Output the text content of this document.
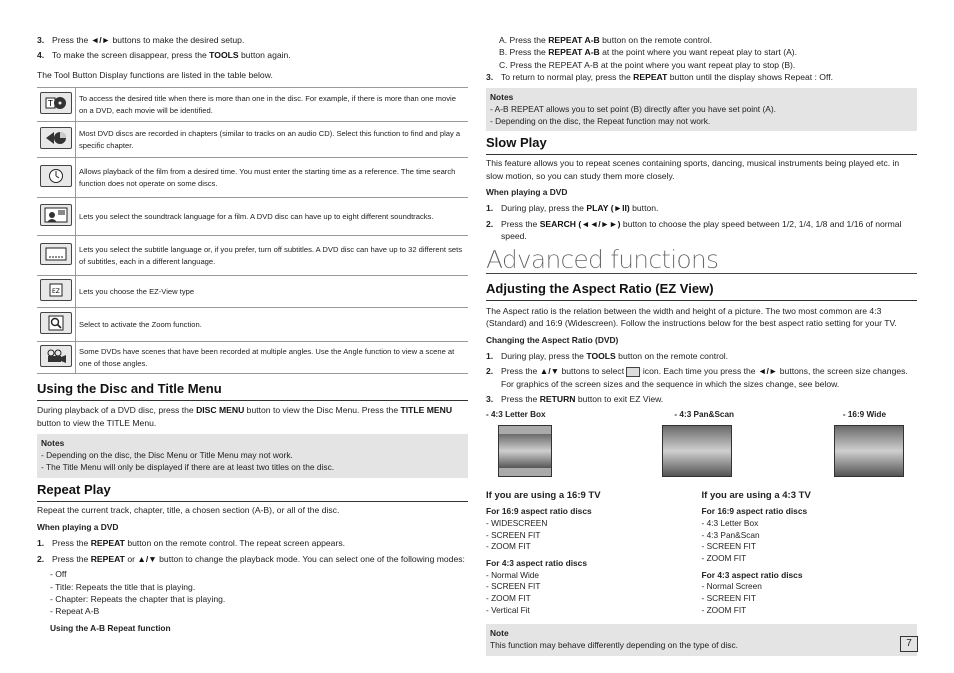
3. Press the ◄/► buttons to make the desired setup.
4. To make the screen disappear, press the TOOLS button again.

The Tool Button Display functions are listed in the table below.

T	To access the desired title when there is more than one in the disc. For example, if there is more than one movie on a DVD, each movie will be identified.

	Most DVD discs are recorded in chapters (similar to tracks on an audio CD). Select this function to find and play a specific chapter.

	Allows playback of the film from a desired time. You must enter the starting time as a reference. The time search function does not operate on some discs.

	Lets you select the soundtrack language for a film. A DVD disc can have up to eight different soundtracks.

	Lets you select the subtitle language or, if you prefer, turn off subtitles. A DVD disc can have up to 32 different sets of subtitles, each in a different language.

EZ	Lets you choose the EZ-View type

	Select to activate the Zoom function.

	Some DVDs have scenes that have been recorded at multiple angles. Use the Angle function to view a scene at one of those angles.
Using the Disc and Title Menu

During playback of a DVD disc, press the DISC MENU button to view the Disc Menu. Press the TITLE MENU button to view the TITLE Menu.

Notes
- Depending on the disc, the Disc Menu or Title Menu may not work.
- The Title Menu will only be displayed if there are at least two titles on the disc.
Repeat Play

Repeat the current track, chapter, title, a chosen section (A-B), or all of the disc.

When playing a DVD

1. Press the REPEAT button on the remote control. The repeat screen appears.
2. Press the REPEAT or ▲/▼ button to change the playback mode. You can select one of the following modes:
- Off
- Title: Repeats the title that is playing.
- Chapter: Repeats the chapter that is playing.
- Repeat A-B

Using the A-B Repeat function

A. Press the REPEAT A-B button on the remote control.
B. Press the REPEAT A-B at the point where you want repeat play to start (A).
C. Press the REPEAT A-B at the point where you want repeat play to stop (B).
3. To return to normal play, press the REPEAT button until the display shows Repeat : Off.
Notes
- A-B REPEAT allows you to set point (B) directly after you have set point (A).
- Depending on the disc, the Repeat function may not work.
Slow Play

This feature allows you to repeat scenes containing sports, dancing, musical instruments being played etc. in slow motion, so you can study them more closely.

When playing a DVD

1. During play, press the PLAY (►II) button.
2. Press the SEARCH (◄◄/►►) button to choose the play speed between 1/2, 1/4, 1/8 and 1/16 of normal speed.
Advanced functions
Adjusting the Aspect Ratio (EZ View)

The Aspect ratio is the relation between the width and height of a picture. The two most common are 4:3 (Standard) and 16:9 (Widescreen). Follow the instructions below for the best aspect ratio setting for your TV.

Changing the Aspect Ratio (DVD)

1. During play, press the TOOLS button on the remote control.
2. Press the ▲/▼ buttons to select  icon. Each time you press the ◄/► buttons, the screen size changes. For graphics of the screen sizes and the sequence in which the sizes change, see below.
3. Press the RETURN button to exit EZ View.
- 4:3 Letter Box	- 4:3 Pan&Scan	- 16:9 Wide
If you are using a 16:9 TV
For 16:9 aspect ratio discs
- WIDESCREEN
- SCREEN FIT
- ZOOM FIT
For 4:3 aspect ratio discs
- Normal Wide
- SCREEN FIT
- ZOOM FIT
- Vertical Fit
If you are using a 4:3 TV
For 16:9 aspect ratio discs
- 4:3 Letter Box
- 4:3 Pan&Scan
- SCREEN FIT
- ZOOM FIT
For 4:3 aspect ratio discs
- Normal Screen
- SCREEN FIT
- ZOOM FIT
Note
This function may behave differently depending on the type of disc.	7
